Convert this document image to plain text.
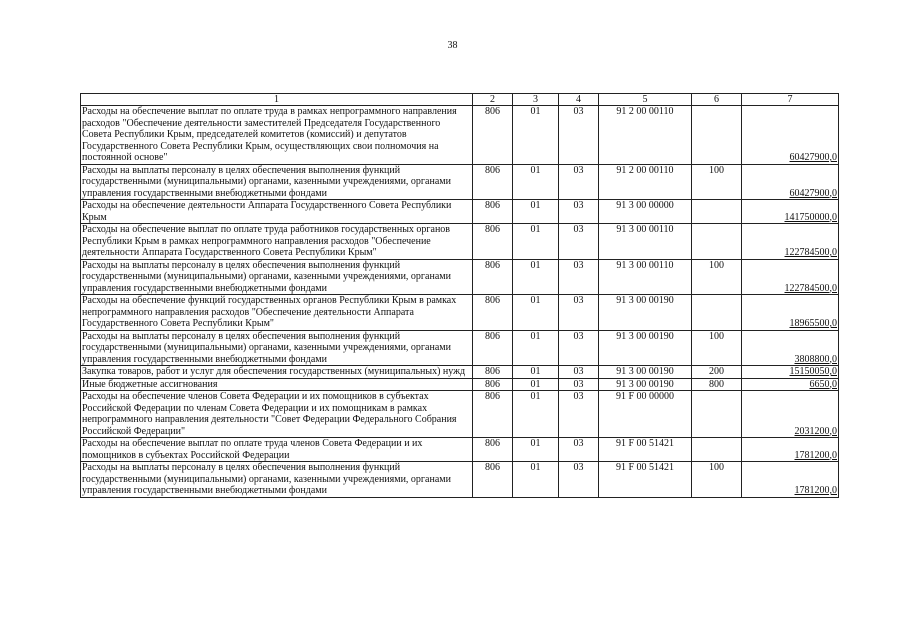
38
1	2	3	4	5	6	7
Расходы на обеспечение выплат по оплате труда в рамках непрограммного направления расходов "Обеспечение деятельности заместителей Председателя Государственного Совета Республики Крым, председателей комитетов (комиссий) и депутатов Государственного Совета Республики Крым, осуществляющих свои полномочия на постоянной основе"	806	01	03	91 2 00 00110		60427900,0
Расходы на выплаты персоналу в целях обеспечения выполнения функций государственными (муниципальными) органами, казенными учреждениями, органами управления государственными внебюджетными фондами	806	01	03	91 2 00 00110	100	60427900,0
Расходы на обеспечение деятельности Аппарата Государственного Совета Республики Крым	806	01	03	91 3 00 00000		141750000,0
Расходы на обеспечение выплат по оплате труда работников государственных органов Республики Крым в рамках непрограммного направления расходов "Обеспечение деятельности Аппарата Государственного Совета Республики Крым"	806	01	03	91 3 00 00110		122784500,0
Расходы на выплаты персоналу в целях обеспечения выполнения функций государственными (муниципальными) органами, казенными учреждениями, органами управления государственными внебюджетными фондами	806	01	03	91 3 00 00110	100	122784500,0
Расходы на обеспечение функций государственных органов Республики Крым в рамках непрограммного направления расходов "Обеспечение деятельности Аппарата Государственного Совета Республики Крым"	806	01	03	91 3 00 00190		18965500,0
Расходы на выплаты персоналу в целях обеспечения выполнения функций государственными (муниципальными) органами, казенными учреждениями, органами управления государственными внебюджетными фондами	806	01	03	91 3 00 00190	100	3808800,0
Закупка товаров, работ и услуг для обеспечения государственных (муниципальных) нужд	806	01	03	91 3 00 00190	200	15150050,0
Иные бюджетные ассигнования	806	01	03	91 3 00 00190	800	6650,0
Расходы на обеспечение членов Совета Федерации и их помощников в субъектах Российской Федерации по членам Совета Федерации и их помощникам в рамках непрограммного направления деятельности "Совет Федерации Федерального Собрания Российской Федерации"	806	01	03	91 F 00 00000		2031200,0
Расходы на обеспечение выплат по оплате труда членов Совета Федерации и их помощников в субъектах Российской Федерации	806	01	03	91 F 00 51421		1781200,0
Расходы на выплаты персоналу в целях обеспечения выполнения функций государственными (муниципальными) органами, казенными учреждениями, органами управления государственными внебюджетными фондами	806	01	03	91 F 00 51421	100	1781200,0
